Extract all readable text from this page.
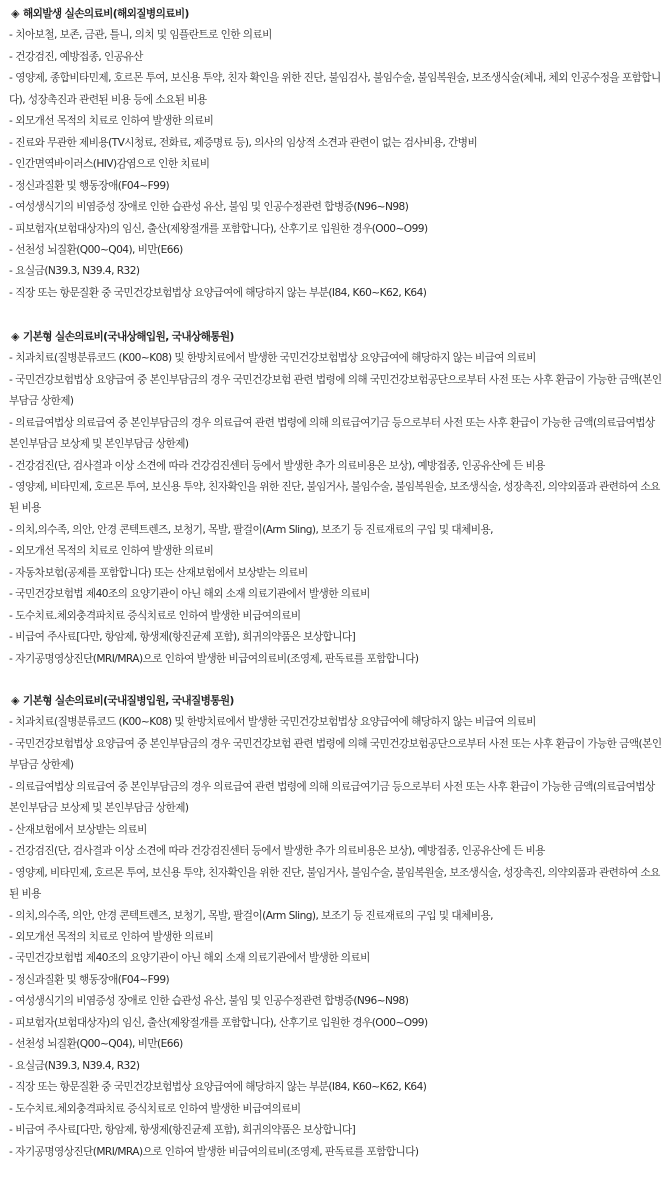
◈ 해외발생 실손의료비(해외질병의료비)
- 치아보철, 보존, 금관, 틀니, 의치 및 임플란트로 인한 의료비
- 건강검진, 예방접종, 인공유산
- 영양제, 종합비타민제, 호르몬 투여, 보신용 투약, 친자 확인을 위한 진단, 불임검사, 불임수술, 불임복원술, 보조생식술(체내, 체외 인공수정을 포함합니다), 성장촉진과 관련된 비용 등에 소요된 비용
- 외모개선 목적의 치료로 인하여 발생한 의료비
- 진료와 무관한 제비용(TV시청료, 전화료, 제증명료 등), 의사의 임상적 소견과 관련이 없는 검사비용, 간병비
- 인간면역바이러스(HIV)감염으로 인한 치료비
- 정신과질환 및 행동장애(F04~F99)
- 여성생식기의 비염증성 장애로 인한 습관성 유산, 불임 및 인공수정관련 합병증(N96~N98)
- 피보험자(보험대상자)의 임신, 출산(제왕절개를 포함합니다), 산후기로 입원한 경우(O00~O99)
- 선천성 뇌질환(Q00~Q04), 비만(E66)
- 요실금(N39.3, N39.4, R32)
- 직장 또는 항문질환 중 국민건강보험법상 요양급여에 해당하지 않는 부분(I84, K60~K62, K64)
◈ 기본형 실손의료비(국내상해입원, 국내상해통원)
- 치과치료(질병분류코드 (K00~K08) 및 한방치료에서 발생한 국민건강보험법상 요양급여에 해당하지 않는 비급여 의료비
- 국민건강보험법상 요양급여 중 본인부담금의 경우 국민건강보험 관련 법령에 의해 국민건강보험공단으로부터 사전 또는 사후 환급이 가능한 금액(본인부담금 상한제)
- 의료급여법상 의료급여 중 본인부담금의 경우 의료급여 관련 법령에 의해 의료급여기금 등으로부터 사전 또는 사후 환급이 가능한 금액(의료급여법상 본인부담금 보상제 및 본인부담금 상한제)
- 건강검진(단, 검사결과 이상 소견에 따라 건강검진센터 등에서 발생한 추가 의료비용은 보상), 예방접종, 인공유산에 든 비용
- 영양제, 비타민제, 호르몬 투여, 보신용 투약, 친자확인을 위한 진단, 불임거사, 불임수술, 불임복원술, 보조생식술, 성장촉진, 의약외품과 관련하여 소요된 비용
- 의치,의수족, 의안, 안경 콘텍트렌즈, 보청기, 목발, 팔걸이(Arm Sling), 보조기 등 진료재료의 구입 및 대체비용,
- 외모개선 목적의 치료로 인하여 발생한 의료비
- 자동차보험(공제를 포함합니다) 또는 산재보험에서 보상받는 의료비
- 국민건강보험법 제40조의 요양기관이 아닌 해외 소재 의료기관에서 발생한 의료비
- 도수치료.체외충격파치료 증식치료로 인하여 발생한 비급여의료비
- 비급여 주사료[다만, 항암제, 항생제(항진균제 포함), 희귀의약품은 보상합니다]
- 자기공명영상진단(MRI/MRA)으로 인하여 발생한 비급여의료비(조영제, 판독료를 포함합니다)
◈ 기본형 실손의료비(국내질병입원, 국내질병통원)
- 치과치료(질병분류코드 (K00~K08) 및 한방치료에서 발생한 국민건강보험법상 요양급여에 해당하지 않는 비급여 의료비
- 국민건강보험법상 요양급여 중 본인부담금의 경우 국민건강보험 관련 법령에 의해 국민건강보험공단으로부터 사전 또는 사후 환급이 가능한 금액(본인부담금 상한제)
- 의료급여법상 의료급여 중 본인부담금의 경우 의료급여 관련 법령에 의해 의료급여기금 등으로부터 사전 또는 사후 환급이 가능한 금액(의료급여법상 본인부담금 보상제 및 본인부담금 상한제)
- 산재보험에서 보상받는 의료비
- 건강검진(단, 검사결과 이상 소견에 따라 건강검진센터 등에서 발생한 추가 의료비용은 보상), 예방접종, 인공유산에 든 비용
- 영양제, 비타민제, 호르몬 투여, 보신용 투약, 친자확인을 위한 진단, 불임거사, 불임수술, 불임복원술, 보조생식술, 성장촉진, 의약외품과 관련하여 소요된 비용
- 의치,의수족, 의안, 안경 콘텍트렌즈, 보청기, 목발, 팔걸이(Arm Sling), 보조기 등 진료재료의 구입 및 대체비용,
- 외모개선 목적의 치료로 인하여 발생한 의료비
- 국민건강보험법 제40조의 요양기관이 아닌 해외 소재 의료기관에서 발생한 의료비
- 정신과질환 및 행동장애(F04~F99)
- 여성생식기의 비염증성 장애로 인한 습관성 유산, 불임 및 인공수정관련 합병증(N96~N98)
- 피보험자(보험대상자)의 임신, 출산(제왕절개를 포함합니다), 산후기로 입원한 경우(O00~O99)
- 선천성 뇌질환(Q00~Q04), 비만(E66)
- 요실금(N39.3, N39.4, R32)
- 직장 또는 항문질환 중 국민건강보험법상 요양급여에 해당하지 않는 부분(I84, K60~K62, K64)
- 도수치료.체외충격파치료 증식치료로 인하여 발생한 비급여의료비
- 비급여 주사료[다만, 항암제, 항생제(항진균제 포함), 희귀의약품은 보상합니다]
- 자기공명영상진단(MRI/MRA)으로 인하여 발생한 비급여의료비(조영제, 판독료를 포함합니다)
